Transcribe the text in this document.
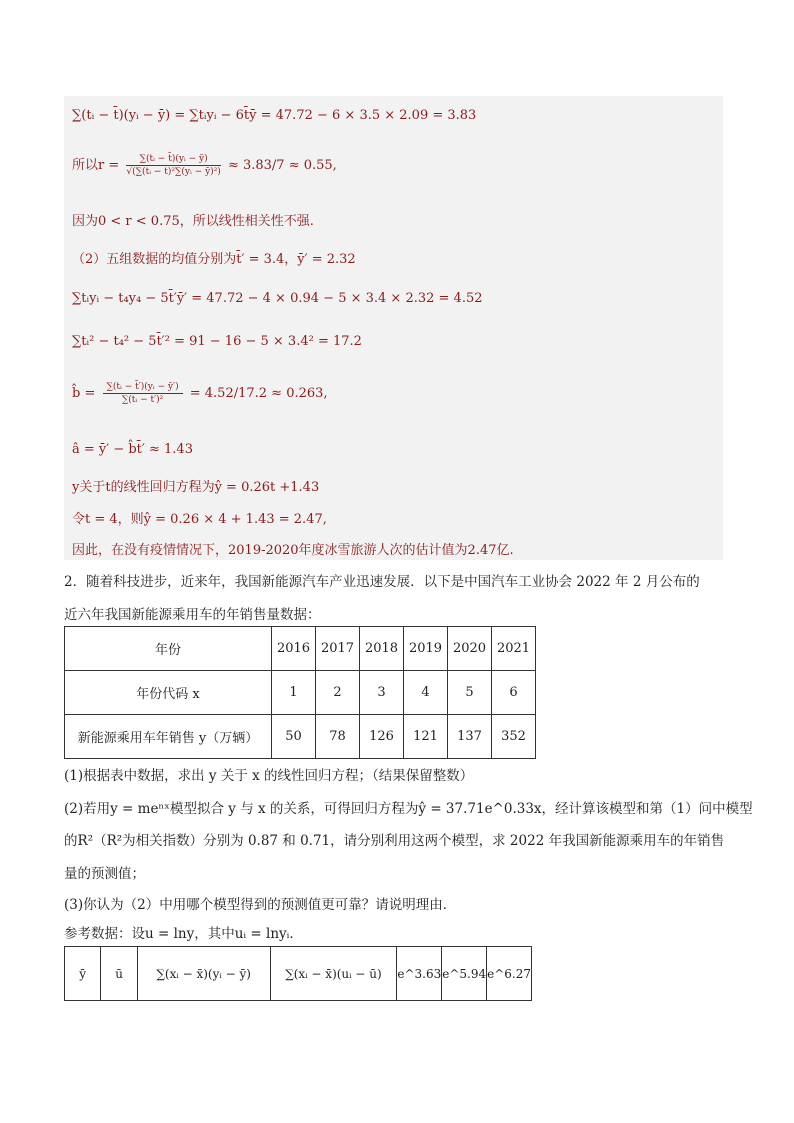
∑(tᵢ − t̄)(yᵢ − ȳ) = ∑tᵢyᵢ − 6t̄ȳ = 47.72 − 6 × 3.5 × 2.09 = 3.83
所以$r = \frac{\text{∑(tᵢ − t̄)(yᵢ − ȳ)}}{\text{√(∑(tᵢ − t̄)²∑(yᵢ − ȳ)²)}} \approx 3.83/7 \approx 0.55$,
因为0 < r < 0.75，所以线性相关性不强.
（2）五组数据的均值分别为t̄′ = 3.4，ȳ′ = 2.32
∑tᵢyᵢ − t₄y₄ − 5t̄′ȳ′ = 47.72 − 4 × 0.94 − 5 × 3.4 × 2.32 = 4.52
∑tᵢ² − t₄² − 5t̄′² = 91 − 16 − 5 × 3.4² = 17.2
b̂ = $\frac{\text{∑(tᵢ − t̄′)(yᵢ − ȳ′)}}{\text{∑(tᵢ − t̄′)²}} = 4.52/17.2 \approx 0.263$,
â = ȳ′ − b̂t̄′ ≈ 1.43
y关于t的线性回归方程为ŷ = 0.26t +1.43
令t = 4，则ŷ = 0.26 × 4 + 1.43 = 2.47,
因此，在没有疫情情况下，2019-2020年度冰雪旅游人次的估计值为2.47亿.
2．随着科技进步，近来年，我国新能源汽车产业迅速发展．以下是中国汽车工业协会 2022 年 2 月公布的
近六年我国新能源乘用车的年销售量数据：
年份	2016	2017	2018	2019	2020	2021
年份代码 x	1	2	3	4	5	6
新能源乘用车年销售 y（万辆）	50	78	126	121	137	352
(1)根据表中数据，求出 y 关于 x 的线性回归方程；（结果保留整数）
(2)若用y = meⁿˣ模型拟合 y 与 x 的关系，可得回归方程为ŷ = 37.71e^0.33x，经计算该模型和第（1）问中模型
的R²（R²为相关指数）分别为 0.87 和 0.71，请分别利用这两个模型，求 2022 年我国新能源乘用车的年销售
量的预测值；
(3)你认为（2）中用哪个模型得到的预测值更可靠？请说明理由．
参考数据：设u = lny，其中uᵢ = lnyᵢ．
ȳ	ū	∑(xᵢ − x̄)(yᵢ − ȳ)	∑(xᵢ − x̄)(uᵢ − ū)	e^3.63	e^5.94	e^6.27
